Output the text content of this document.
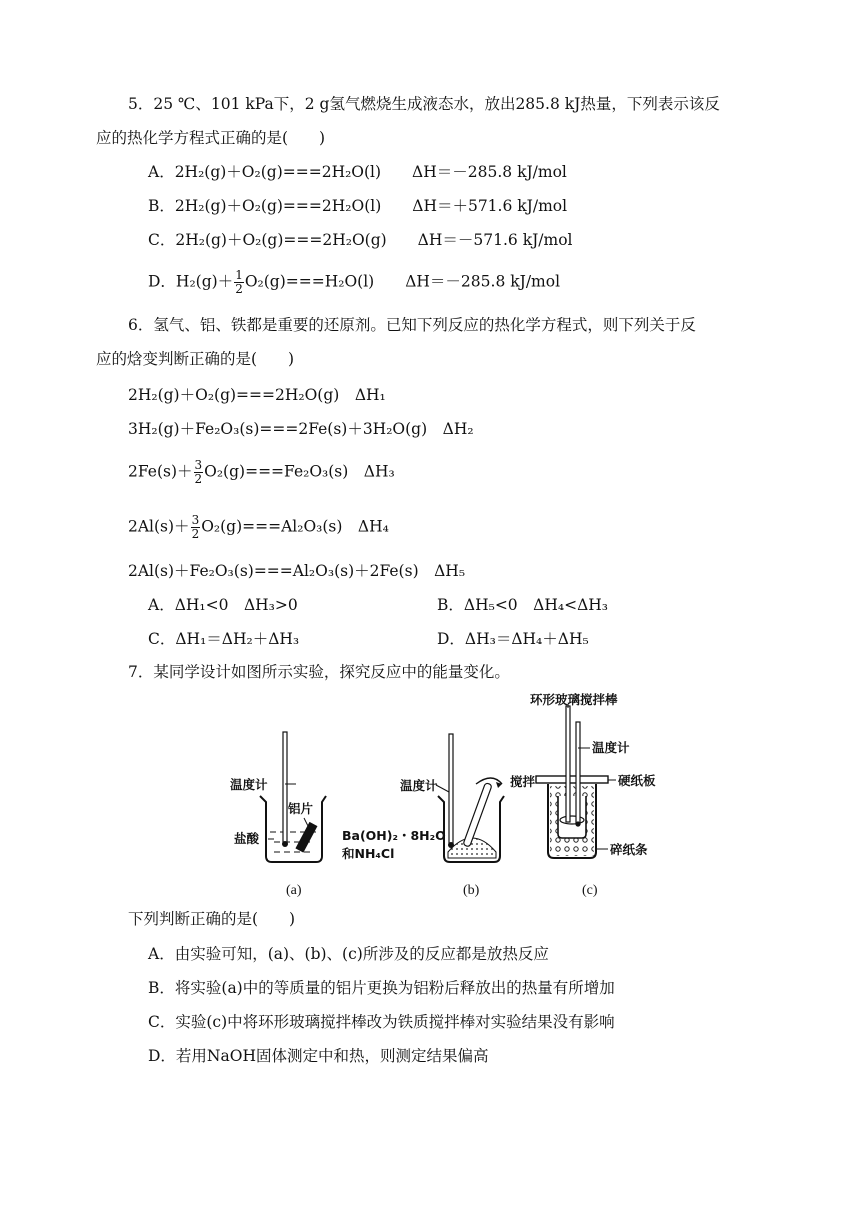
5．25 ℃、101 kPa下，2 g氢气燃烧生成液态水，放出285.8 kJ热量，下列表示该反
应的热化学方程式正确的是(　　)
A．2H₂(g)＋O₂(g)===2H₂O(l)　　ΔH＝－285.8 kJ/mol
B．2H₂(g)＋O₂(g)===2H₂O(l)　　ΔH＝＋571.6 kJ/mol
C．2H₂(g)＋O₂(g)===2H₂O(g)　　ΔH＝－571.6 kJ/mol
D．$H_2(g)+ \frac{1}{2} O_2(g)===H_2O(l)$　　ΔH＝－285.8 kJ/mol
6．氢气、铝、铁都是重要的还原剂。已知下列反应的热化学方程式，则下列关于反
应的焓变判断正确的是(　　)
2H₂(g)＋O₂(g)===2H₂O(g)　ΔH₁
3H₂(g)＋Fe₂O₃(s)===2Fe(s)＋3H₂O(g)　ΔH₂
$2Fe(s)+ \frac{3}{2} O_2(g)===Fe_2O_3(s)$　ΔH₃
$2Al(s)+ \frac{3}{2} O_2(g)===Al_2O_3(s)$　ΔH₄
2Al(s)＋Fe₂O₃(s)===Al₂O₃(s)＋2Fe(s)　ΔH₅
A．ΔH₁<0　ΔH₃>0	B．ΔH₅<0　ΔH₄<ΔH₃
C．ΔH₁＝ΔH₂＋ΔH₃	D．ΔH₃＝ΔH₄＋ΔH₅
7．某同学设计如图所示实验，探究反应中的能量变化。
温度计
铝片
盐酸
(a)
温度计	搅拌
Ba(OH)₂・8H₂O
和NH₄Cl
(b)
环形玻璃搅拌棒
温度计
硬纸板
碎纸条
(c)
下列判断正确的是(　　)
A．由实验可知，(a)、(b)、(c)所涉及的反应都是放热反应
B．将实验(a)中的等质量的铝片更换为铝粉后释放出的热量有所增加
C．实验(c)中将环形玻璃搅拌棒改为铁质搅拌棒对实验结果没有影响
D．若用NaOH固体测定中和热，则测定结果偏高
